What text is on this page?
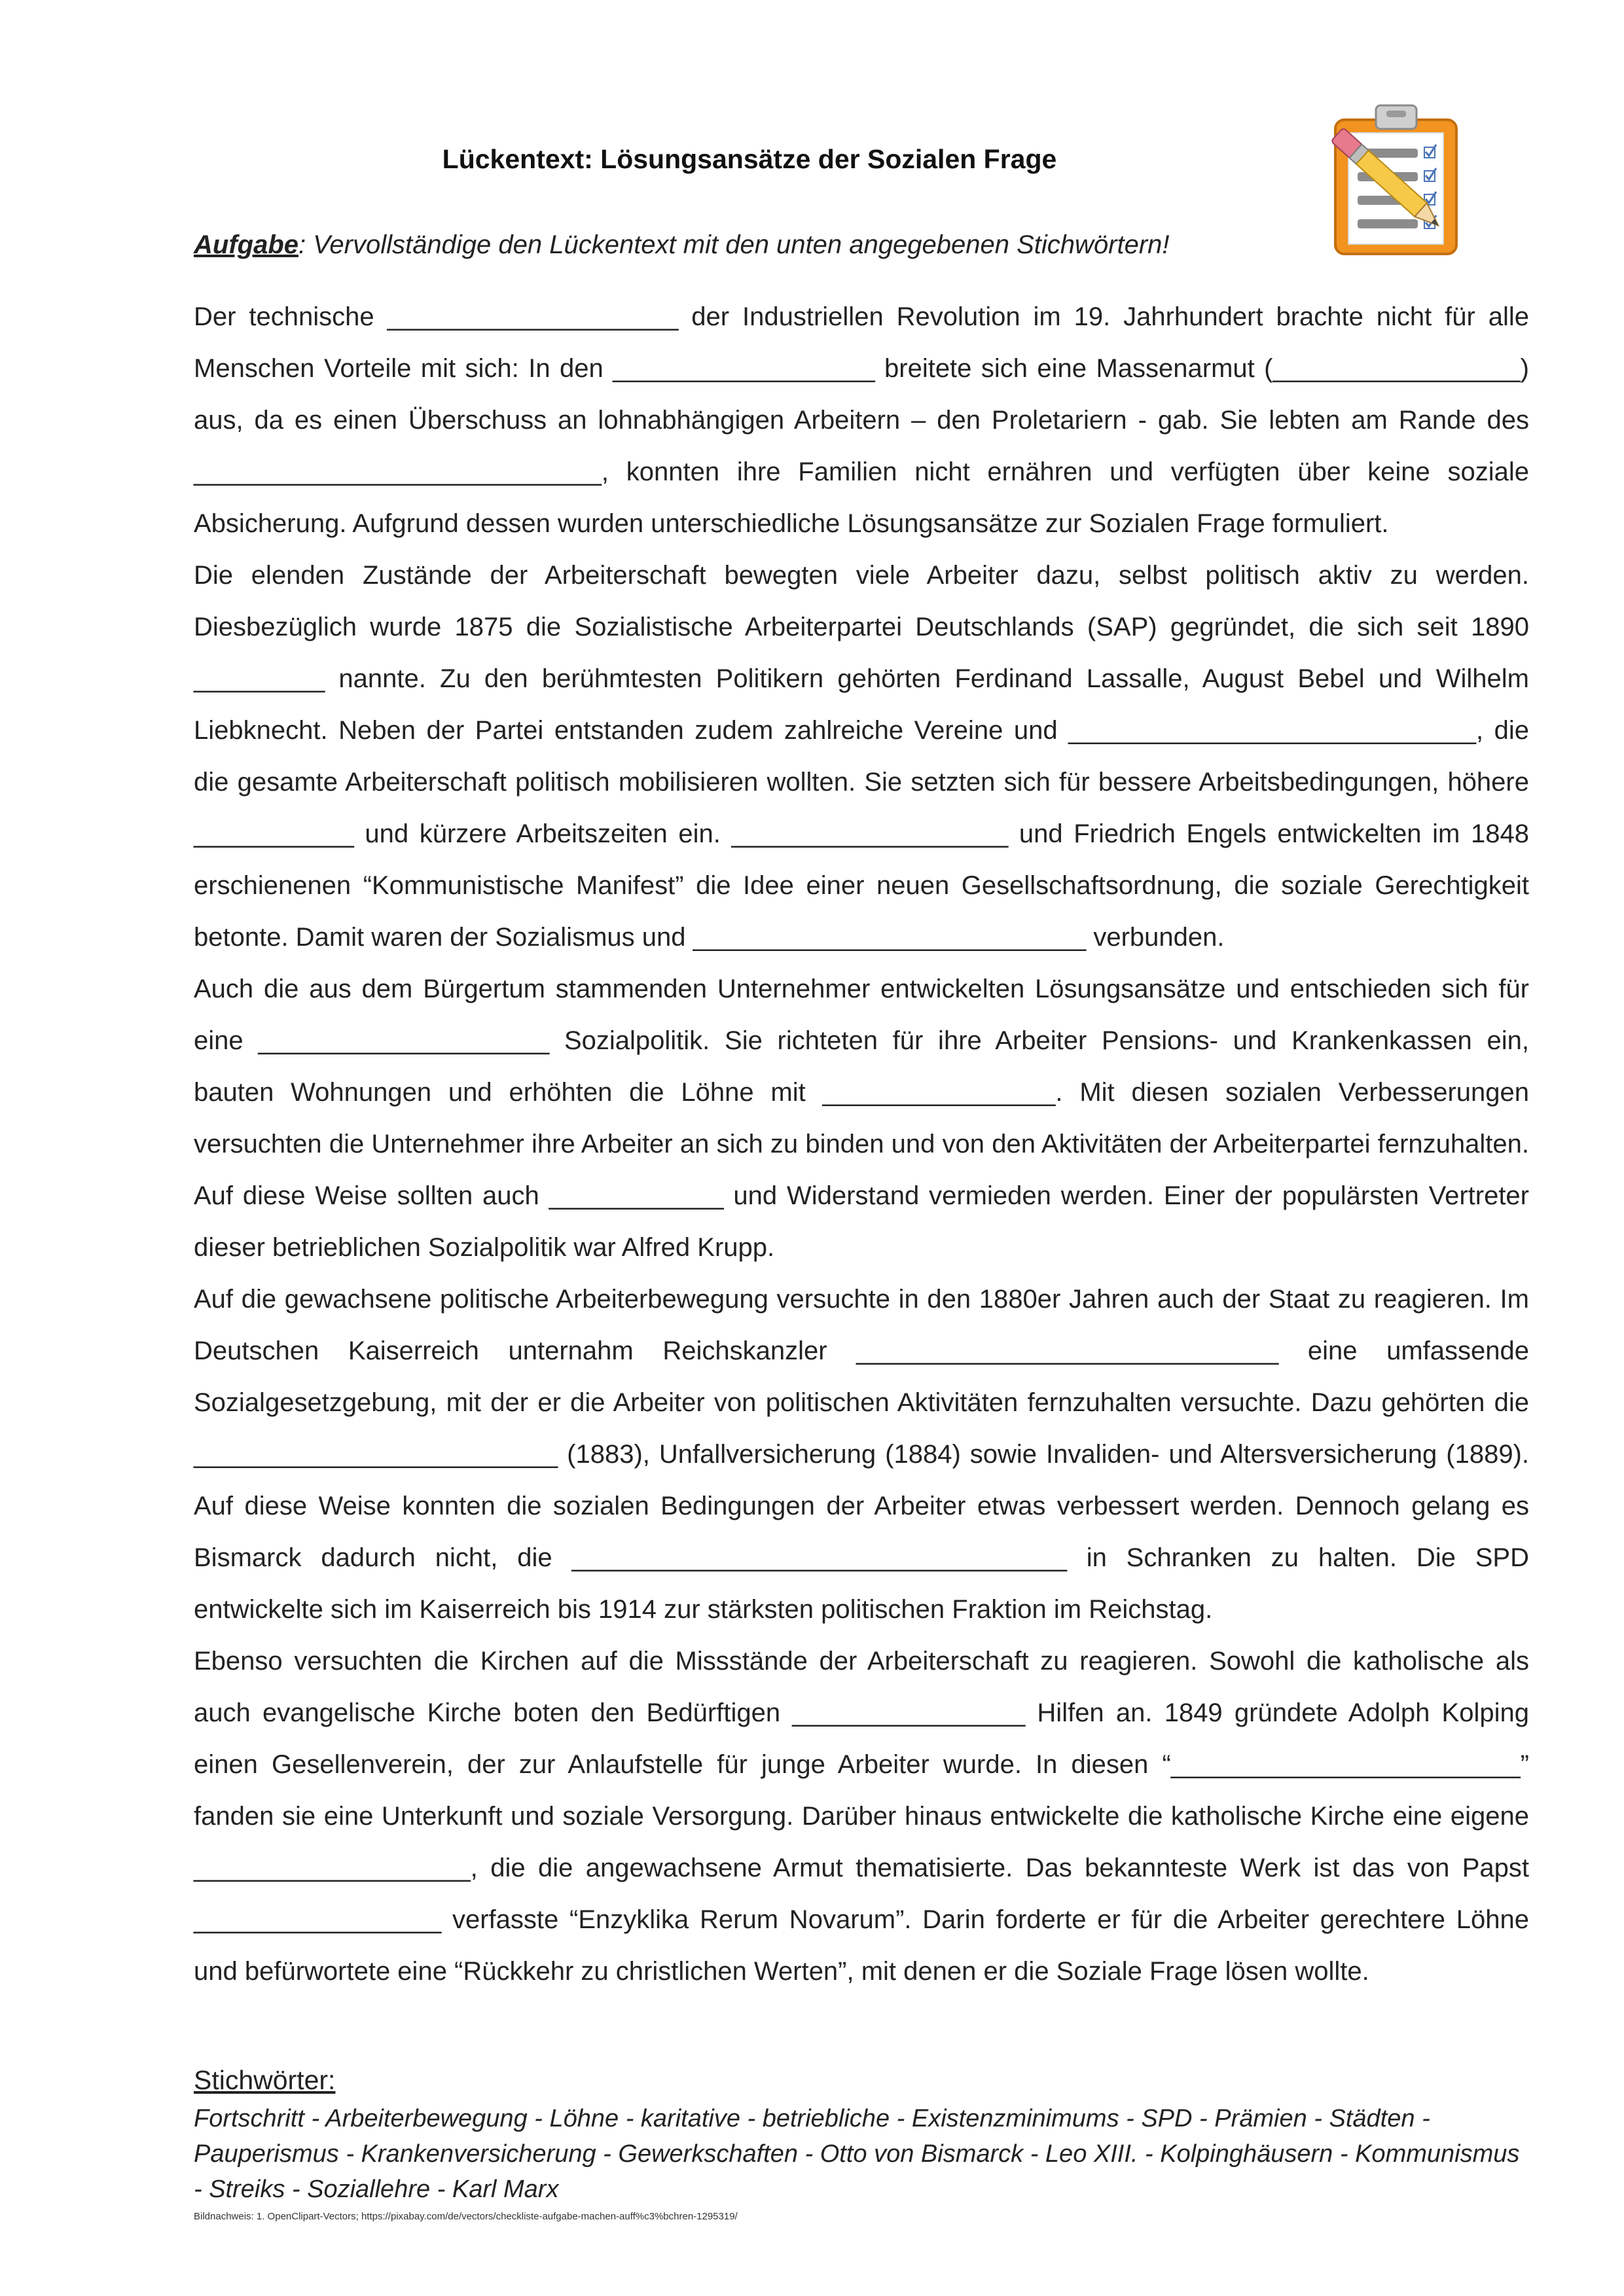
Lückentext: Lösungsansätze der Sozialen Frage
Aufgabe: Vervollständige den Lückentext mit den unten angegebenen Stichwörtern!

Der technische ____________________ der Industriellen Revolution im 19. Jahrhundert brachte nicht für alle Menschen Vorteile mit sich: In den __________________ breitete sich eine Massenarmut (_________________) aus, da es einen Überschuss an lohnabhängigen Arbeitern – den Proletariern - gab. Sie lebten am Rande des ____________________________, konnten ihre Familien nicht ernähren und verfügten über keine soziale Absicherung. Aufgrund dessen wurden unterschiedliche Lösungsansätze zur Sozialen Frage formuliert.

Die elenden Zustände der Arbeiterschaft bewegten viele Arbeiter dazu, selbst politisch aktiv zu werden. Diesbezüglich wurde 1875 die Sozialistische Arbeiterpartei Deutschlands (SAP) gegründet, die sich seit 1890 _________ nannte. Zu den berühmtesten Politikern gehörten Ferdinand Lassalle, August Bebel und Wilhelm Liebknecht. Neben der Partei entstanden zudem zahlreiche Vereine und ____________________________, die die gesamte Arbeiterschaft politisch mobilisieren wollten. Sie setzten sich für bessere Arbeitsbedingungen, höhere ___________ und kürzere Arbeitszeiten ein. ___________________ und Friedrich Engels entwickelten im 1848 erschienenen “Kommunistische Manifest” die Idee einer neuen Gesellschaftsordnung, die soziale Gerechtigkeit betonte. Damit waren der Sozialismus und ___________________________ verbunden.

Auch die aus dem Bürgertum stammenden Unternehmer entwickelten Lösungsansätze und entschieden sich für eine ____________________ Sozialpolitik. Sie richteten für ihre Arbeiter Pensions- und Krankenkassen ein, bauten Wohnungen und erhöhten die Löhne mit ________________. Mit diesen sozialen Verbesserungen versuchten die Unternehmer ihre Arbeiter an sich zu binden und von den Aktivitäten der Arbeiterpartei fernzuhalten. Auf diese Weise sollten auch ____________ und Widerstand vermieden werden. Einer der populärsten Vertreter dieser betrieblichen Sozialpolitik war Alfred Krupp.

Auf die gewachsene politische Arbeiterbewegung versuchte in den 1880er Jahren auch der Staat zu reagieren. Im Deutschen Kaiserreich unternahm Reichskanzler _____________________________ eine umfassende Sozialgesetzgebung, mit der er die Arbeiter von politischen Aktivitäten fernzuhalten versuchte. Dazu gehörten die _________________________ (1883), Unfallversicherung (1884) sowie Invaliden- und Altersversicherung (1889). Auf diese Weise konnten die sozialen Bedingungen der Arbeiter etwas verbessert werden. Dennoch gelang es Bismarck dadurch nicht, die __________________________________ in Schranken zu halten. Die SPD entwickelte sich im Kaiserreich bis 1914 zur stärksten politischen Fraktion im Reichstag.

Ebenso versuchten die Kirchen auf die Missstände der Arbeiterschaft zu reagieren. Sowohl die katholische als auch evangelische Kirche boten den Bedürftigen ________________ Hilfen an. 1849 gründete Adolph Kolping einen Gesellenverein, der zur Anlaufstelle für junge Arbeiter wurde. In diesen “________________________” fanden sie eine Unterkunft und soziale Versorgung. Darüber hinaus entwickelte die katholische Kirche eine eigene ___________________, die die angewachsene Armut thematisierte. Das bekannteste Werk ist das von Papst _________________ verfasste “Enzyklika Rerum Novarum”. Darin forderte er für die Arbeiter gerechtere Löhne und befürwortete eine “Rückkehr zu christlichen Werten”, mit denen er die Soziale Frage lösen wollte.

Stichwörter:
Fortschritt - Arbeiterbewegung - Löhne - karitative - betriebliche - Existenzminimums - SPD - Prämien - Städten - Pauperismus - Krankenversicherung - Gewerkschaften - Otto von Bismarck - Leo XIII. - Kolpinghäusern - Kommunismus - Streiks - Soziallehre - Karl Marx
Bildnachweis: 1. OpenClipart-Vectors; https://pixabay.com/de/vectors/checkliste-aufgabe-machen-auff%c3%bchren-1295319/
